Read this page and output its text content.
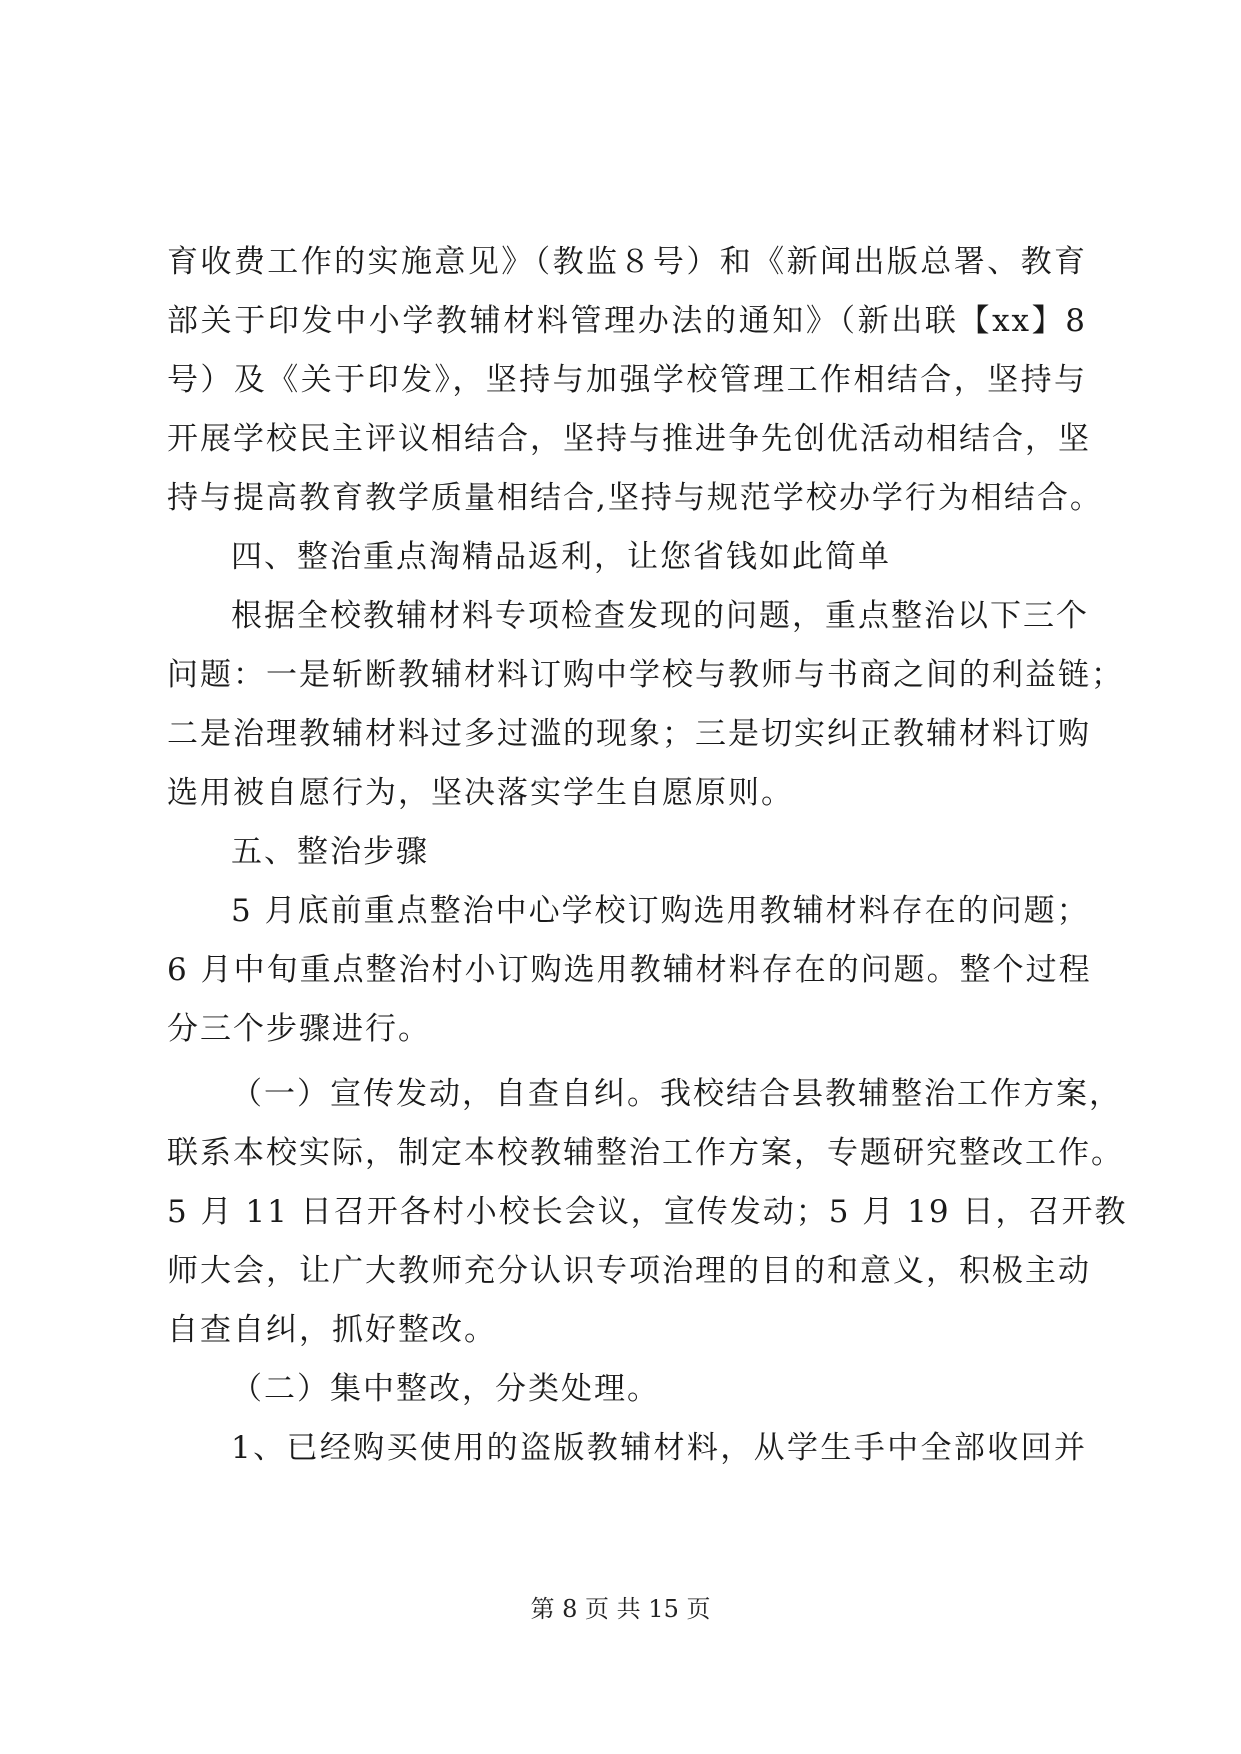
育收费工作的实施意见》（教监８号）和《新闻出版总署、教育
部关于印发中小学教辅材料管理办法的通知》（新出联【xx】8
号）及《关于印发》，坚持与加强学校管理工作相结合，坚持与
开展学校民主评议相结合，坚持与推进争先创优活动相结合，坚
持与提高教育教学质量相结合,坚持与规范学校办学行为相结合。
四、整治重点淘精品返利，让您省钱如此简单
根据全校教辅材料专项检查发现的问题，重点整治以下三个
问题：一是斩断教辅材料订购中学校与教师与书商之间的利益链；
二是治理教辅材料过多过滥的现象；三是切实纠正教辅材料订购
选用被自愿行为，坚决落实学生自愿原则。
五、整治步骤
5 月底前重点整治中心学校订购选用教辅材料存在的问题；
6 月中旬重点整治村小订购选用教辅材料存在的问题。整个过程
分三个步骤进行。
（一）宣传发动，自查自纠。我校结合县教辅整治工作方案，
联系本校实际，制定本校教辅整治工作方案，专题研究整改工作。
5 月 11 日召开各村小校长会议，宣传发动；5 月 19 日，召开教
师大会，让广大教师充分认识专项治理的目的和意义，积极主动
自查自纠，抓好整改。
（二）集中整改，分类处理。
1、已经购买使用的盗版教辅材料，从学生手中全部收回并
第 8 页 共 15 页
